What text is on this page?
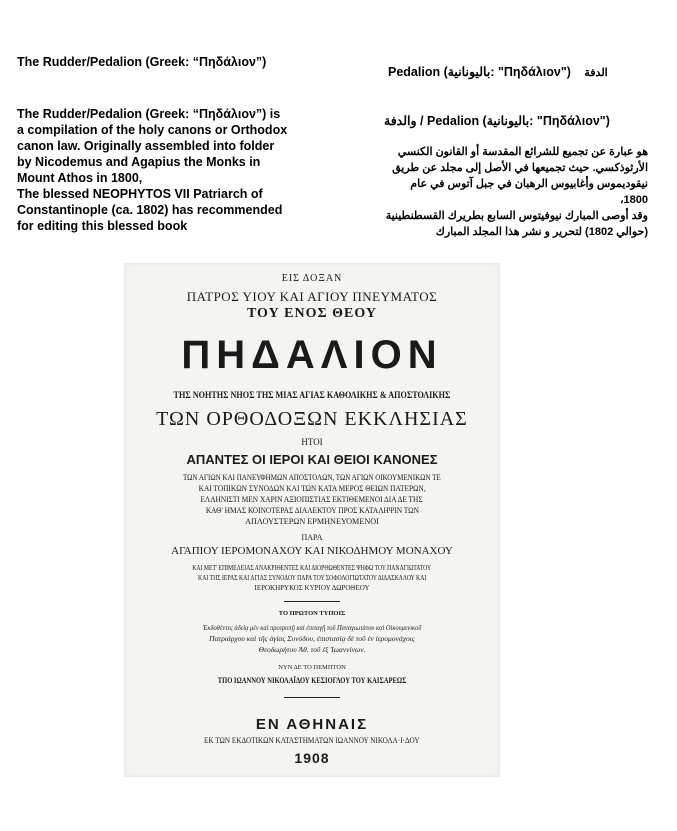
The Rudder/Pedalion (Greek: “Πηδάλιον”)
The Rudder/Pedalion (Greek: “Πηδάλιον”) is
a compilation of the holy canons or Orthodox
canon law. Originally assembled into folder
by Nicodemus and Agapius the Monks in
Mount Athos in 1800,
The blessed NEOPHYTOS VII Patriarch of
Constantinople (ca. 1802) has recommended
for editing this blessed book
Pedalion (باليونانية: "Πηδάλιον") الدفة
والدفة / Pedalion (باليونانية: "Πηδάλιον")
هو عبارة عن تجميع للشرائع المقدسة أو القانون الكنسي
الأرثوذكسي. حيث تجميعها في الأصل إلى مجلد عن طريق
نيقوديموس وأغابيوس الرهبان في جبل آتوس في عام
1800،
وقد أوصى المبارك نيوفيتوس السابع بطريرك القسطنطينية
(حوالي 1802) لتحرير و نشر هذا المجلد المبارك
ΕΙΣ ΔΟΞΑΝ
ΠΑΤΡΟΣ ΥΙΟΥ ΚΑΙ ΑΓΙΟΥ ΠΝΕΥΜΑΤΟΣ
ΤΟΥ ΕΝΟΣ ΘΕΟΥ
ΠΗΔΑΛΙΟΝ
ΤΗΣ ΝΟΗΤΗΣ ΝΗΟΣ ΤΗΣ ΜΙΑΣ ΑΓΙΑΣ ΚΑΘΟΛΙΚΗΣ & ΑΠΟΣΤΟΛΙΚΗΣ
ΤΩΝ ΟΡΘΟΔΟΞΩΝ ΕΚΚΛΗΣΙΑΣ
ΗΤΟΙ
ΑΠΑΝΤΕΣ ΟΙ ΙΕΡΟΙ ΚΑΙ ΘΕΙΟΙ ΚΑΝΟΝΕΣ
ΤΩΝ ΑΓΙΩΝ ΚΑΙ ΠΑΝΕΥΦΗΜΩΝ ΑΠΟΣΤΟΛΩΝ, ΤΩΝ ΑΓΙΩΝ ΟΙΚΟΥΜΕΝΙΚΩΝ ΤΕ
ΚΑΙ ΤΟΠΙΚΩΝ ΣΥΝΟΔΩΝ ΚΑΙ ΤΩΝ ΚΑΤΑ ΜΕΡΟΣ ΘΕΙΩΝ ΠΑΤΕΡΩΝ,
ΕΛΛΗΝΙΣΤΙ ΜΕΝ ΧΑΡΙΝ ΑΞΙΟΠΙΣΤΙΑΣ ΕΚΤΙΘΕΜΕΝΟΙ ΔΙΑ ΔΕ ΤΗΣ
ΚΑΘ' ΗΜΑΣ ΚΟΙΝΟΤΕΡΑΣ ΔΙΑΛΕΚΤΟΥ ΠΡΟΣ ΚΑΤΑΛΗΨΙΝ ΤΩΝ
ΑΠΛΟΥΣΤΕΡΩΝ ΕΡΜΗΝΕΥΟΜΕΝΟΙ
ΠΑΡΑ
ΑΓΑΠΙΟΥ ΙΕΡΟΜΟΝΑΧΟΥ ΚΑΙ ΝΙΚΟΔΗΜΟΥ ΜΟΝΑΧΟΥ
ΚΑΙ ΜΕΤ' ΕΠΙΜΕΛΕΙΑΣ ΑΝΑΚΡΙΘΕΝΤΕΣ ΚΑΙ ΔΙΟΡΘΩΘΕΝΤΕΣ ΨΗΦΩ ΤΟΥ ΠΑΝΑΓΙΩΤΑΤΟΥ
ΚΑΙ ΤΗΣ ΙΕΡΑΣ ΚΑΙ ΑΓΙΑΣ ΣΥΝΟΔΟΥ ΠΑΡΑ ΤΟΥ ΣΟΦΟΛΟΓΙΩΤΑΤΟΥ ΔΙΔΑΣΚΑΛΟΥ ΚΑΙ
ΙΕΡΟΚΗΡΥΚΟΣ ΚΥΡΙΟΥ ΔΩΡΟΘΕΟΥ
ΤΟ ΠΡΩΤΟΝ ΤΥΠΟΙΣ
Ἐκδοθέντες ἀδείᾳ μὲν καὶ προτροπῇ καὶ ἐπιταγῇ τοῦ Παναγιωτάτου καὶ Οἰκουμενικοῦ
Πατριάρχου καὶ τῆς ἁγίας Συνόδου, ἐπιστασίᾳ δὲ τοῦ ἐν ἱερομονάχοις
Θεοδωρήτου Ἀθ. τοῦ ἐξ Ἰωαννίνων.
ΝΥΝ ΔΕ ΤΟ ΠΕΜΠΤΟΝ
ΤΠΟ ΙΩΑΝΝΟΥ ΝΙΚΟΛΑΪΔΟΥ ΚΕΣΙΟΓΛΟΥ ΤΟΥ ΚΑΙΣΑΡΕΩΣ
ΕΝ ΑΘΗΝΑΙΣ
ΕΚ ΤΩΝ ΕΚΔΟΤΙΚΩΝ ΚΑΤΑΣΤΗΜΑΤΩΝ ΙΩΑΝΝΟΥ ΝΙΚΟΛΑ·Ι·ΔΟΥ
1908
